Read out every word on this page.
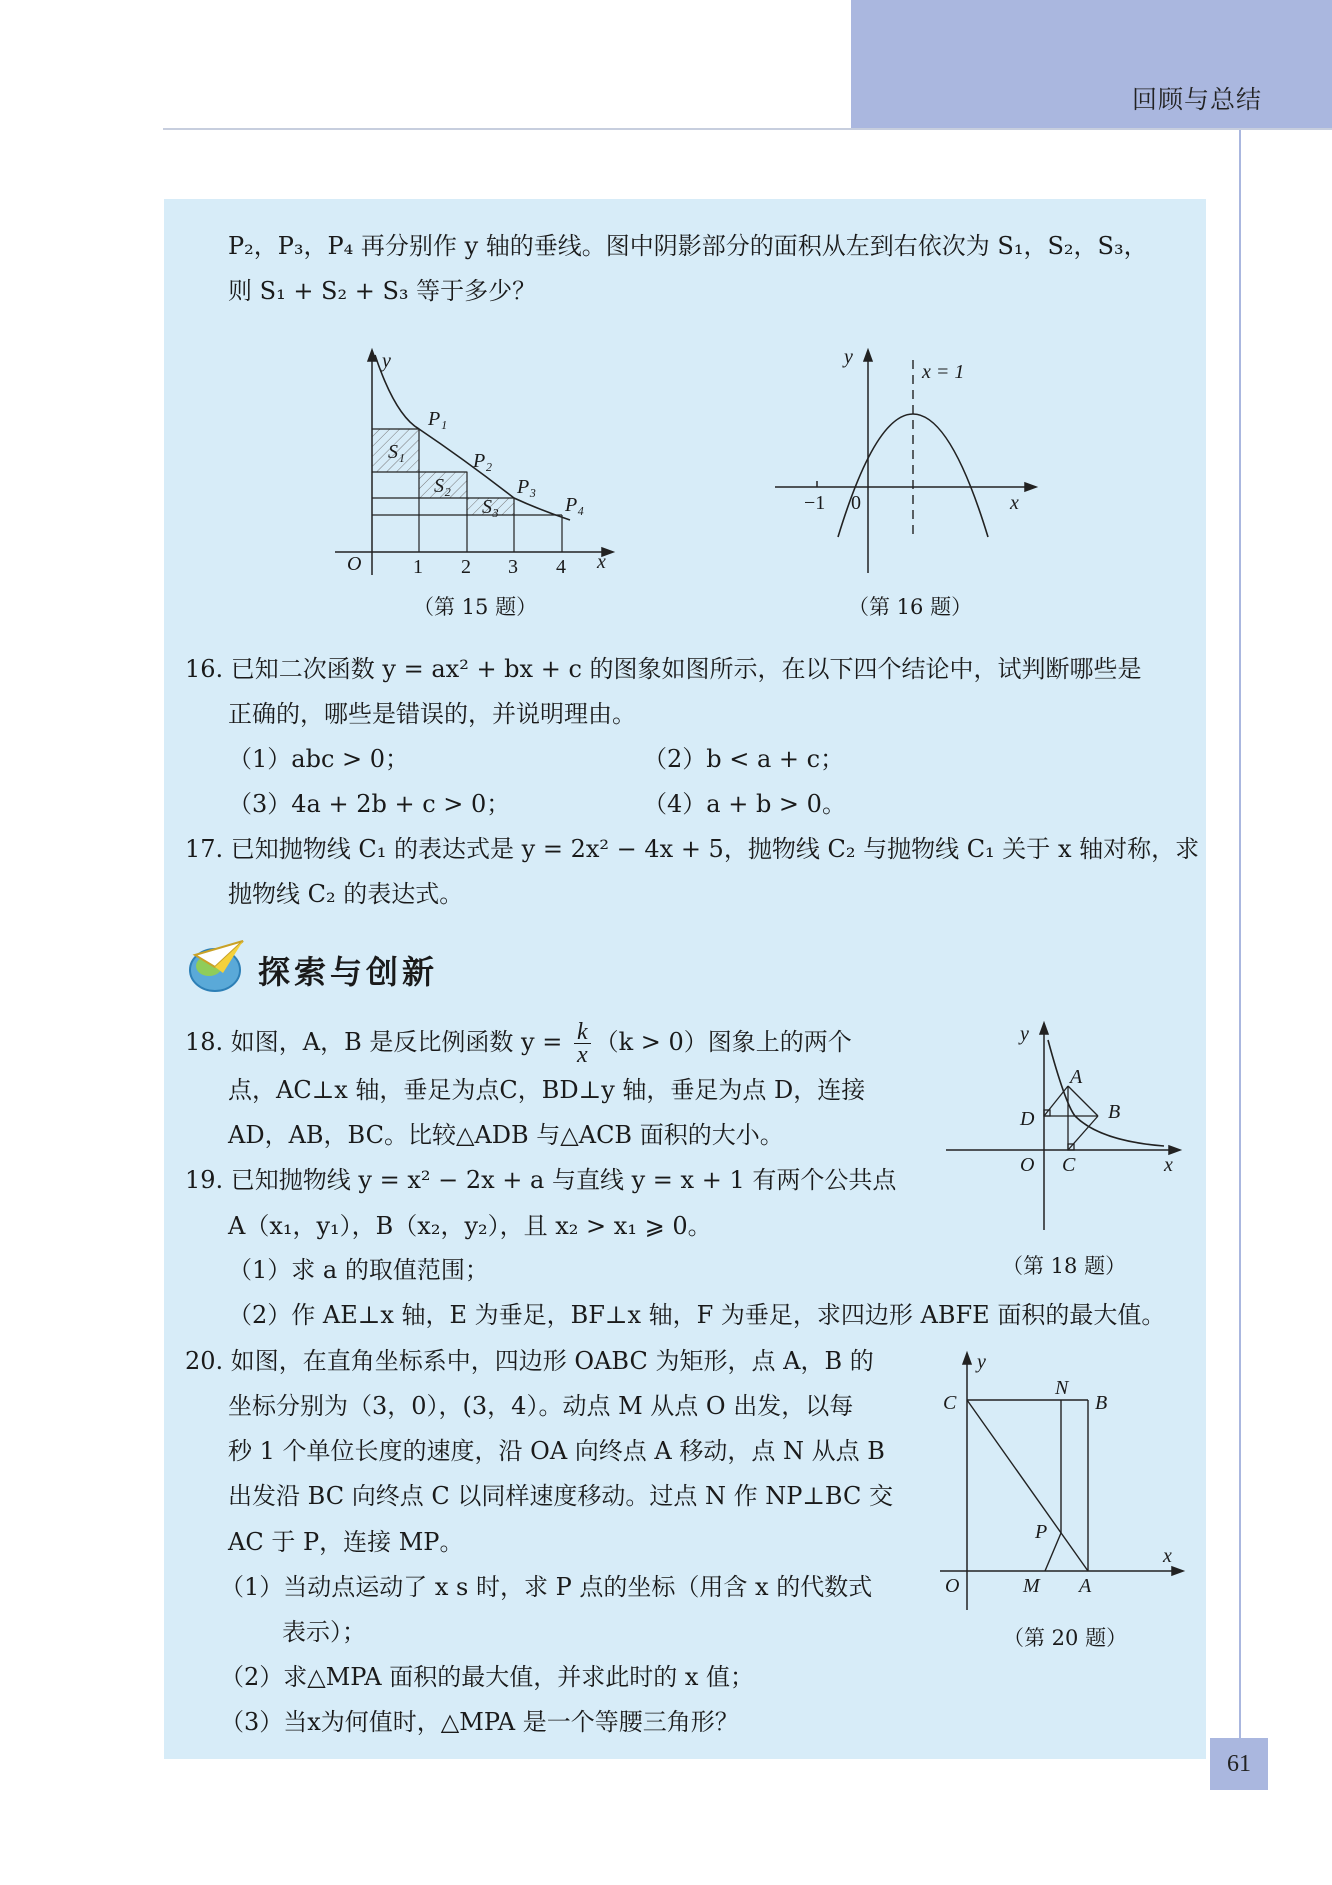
回顾与总结
P₂，P₃，P₄ 再分别作 y 轴的垂线。图中阴影部分的面积从左到右依次为 S₁，S₂，S₃，
则 S₁ + S₂ + S₃ 等于多少？
y
x
O	1 2 3 4
P₁
P₂
P₃
P₄
S₁
S₂
S₃
（第 15 题）
y
x = 1
−1 0	x
（第 16 题）
16. 已知二次函数 y = ax² + bx + c 的图象如图所示，在以下四个结论中，试判断哪些是
正确的，哪些是错误的，并说明理由。
（1）abc > 0；	（2）b < a + c；
（3）4a + 2b + c > 0；	（4）a + b > 0。
17. 已知抛物线 C₁ 的表达式是 y = 2x² − 4x + 5，抛物线 C₂ 与抛物线 C₁ 关于 x 轴对称，求
抛物线 C₂ 的表达式。
探索与创新
18. 如图，A，B 是反比例函数 $y = \frac{k}{x} (k > 0)$图象上的两个
点，AC⊥x 轴，垂足为点C，BD⊥y 轴，垂足为点 D，连接
AD，AB，BC。比较△ADB 与△ACB 面积的大小。
y
A
B
D
O C	x
（第 18 题）
19. 已知抛物线 y = x² − 2x + a 与直线 y = x + 1 有两个公共点
A（x₁，y₁），B（x₂，y₂），且 x₂ > x₁ ⩾ 0。
（1）求 a 的取值范围；
（2）作 AE⊥x 轴，E 为垂足，BF⊥x 轴，F 为垂足，求四边形 ABFE 面积的最大值。
20. 如图，在直角坐标系中，四边形 OABC 为矩形，点 A，B 的
坐标分别为（3，0），(3，4）。动点 M 从点 O 出发，以每
秒 1 个单位长度的速度，沿 OA 向终点 A 移动，点 N 从点 B
出发沿 BC 向终点 C 以同样速度移动。过点 N 作 NP⊥BC 交
AC 于 P，连接 MP。
（1）当动点运动了 x s 时，求 P 点的坐标（用含 x 的代数式
表示）；
（2）求△MPA 面积的最大值，并求此时的 x 值；
（3）当x为何值时，△MPA 是一个等腰三角形？
y
N
C	B
P
x
O	M A
（第 20 题）
61
